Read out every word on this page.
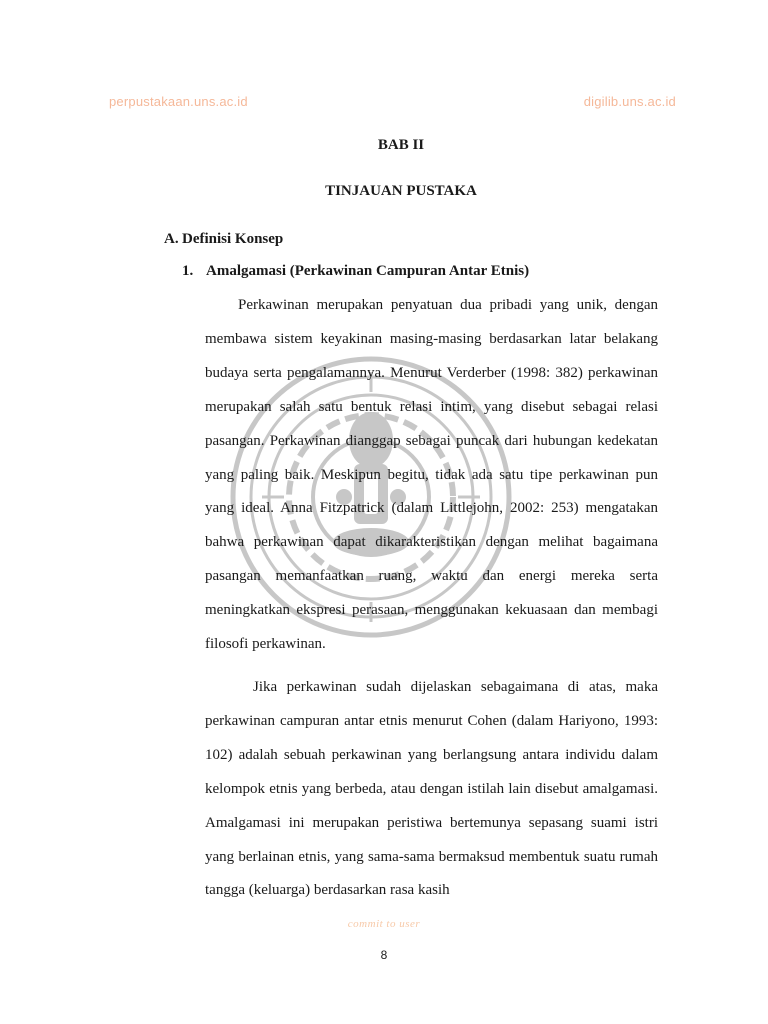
perpustakaan.uns.ac.id	digilib.uns.ac.id
BAB II
TINJAUAN PUSTAKA
A. Definisi Konsep
1. Amalgamasi (Perkawinan Campuran Antar Etnis)

Perkawinan merupakan penyatuan dua pribadi yang unik, dengan membawa sistem keyakinan masing-masing berdasarkan latar belakang budaya serta pengalamannya. Menurut Verderber (1998: 382) perkawinan merupakan salah satu bentuk relasi intim, yang disebut sebagai relasi pasangan. Perkawinan dianggap sebagai puncak dari hubungan kedekatan yang paling baik. Meskipun begitu, tidak ada satu tipe perkawinan pun yang ideal. Anna Fitzpatrick (dalam Littlejohn, 2002: 253) mengatakan bahwa perkawinan dapat dikarakteristikan dengan melihat bagaimana pasangan memanfaatkan ruang, waktu dan energi mereka serta meningkatkan ekspresi perasaan, menggunakan kekuasaan dan membagi filosofi perkawinan.

Jika perkawinan sudah dijelaskan sebagaimana di atas, maka perkawinan campuran antar etnis menurut Cohen (dalam Hariyono, 1993: 102) adalah sebuah perkawinan yang berlangsung antara individu dalam kelompok etnis yang berbeda, atau dengan istilah lain disebut amalgamasi. Amalgamasi ini merupakan peristiwa bertemunya sepasang suami istri yang berlainan etnis, yang sama-sama bermaksud membentuk suatu rumah tangga (keluarga) berdasarkan rasa kasih

commit to user
8
